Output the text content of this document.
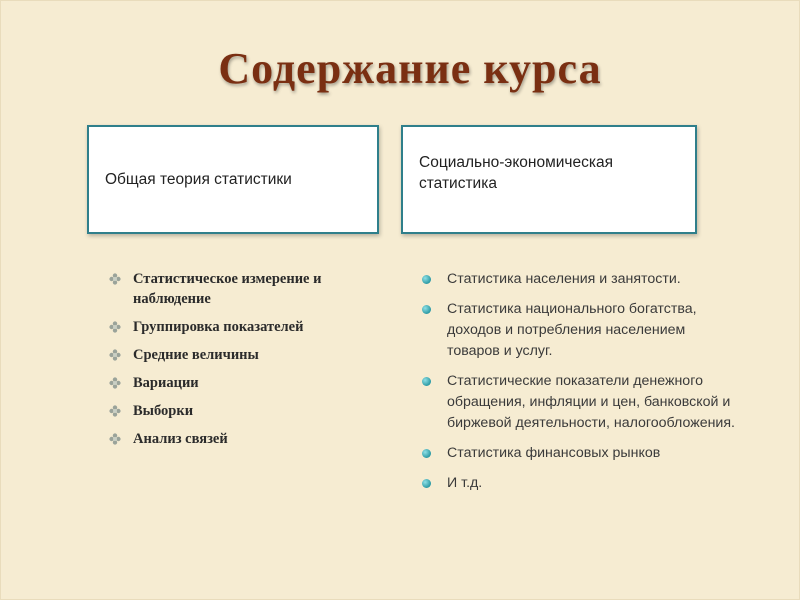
Содержание курса
Общая теория статистики
Социально-экономическая статистика
Статистическое измерение и наблюдение
Группировка показателей
Средние величины
Вариации
Выборки
Анализ связей
Статистика населения и занятости.
Статистика национального богатства, доходов и потребления населением товаров и услуг.
Статистические показатели денежного обращения, инфляции и цен, банковской и биржевой деятельности, налогообложения.
Статистика финансовых рынков
И т.д.
